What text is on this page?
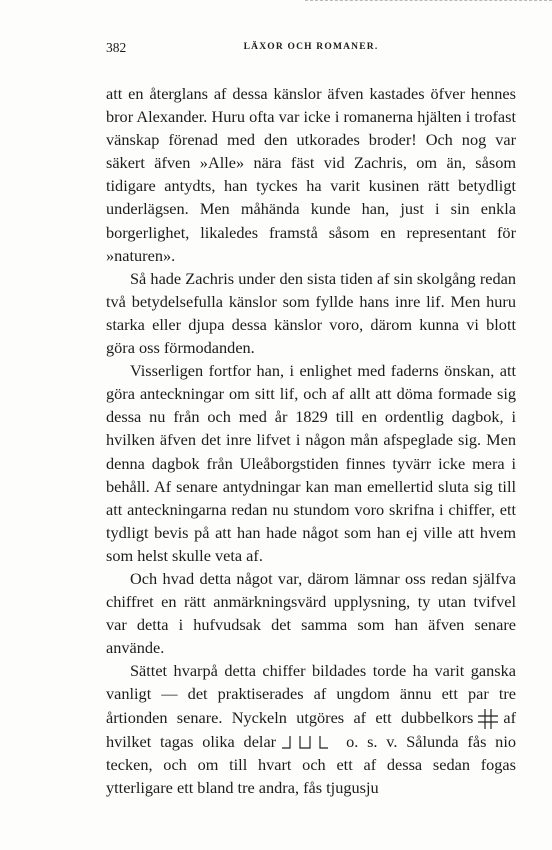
382	LÄXOR OCH ROMANER.

att en återglans af dessa känslor äfven kastades öfver hennes bror Alexander. Huru ofta var icke i romanerna hjälten i trofast vänskap förenad med den utkorades broder! Och nog var säkert äfven »Alle» nära fäst vid Zachris, om än, såsom tidigare antydts, han tyckes ha varit kusinen rätt betydligt underlägsen. Men måhända kunde han, just i sin enkla borgerlighet, likaledes framstå såsom en representant för »naturen».

Så hade Zachris under den sista tiden af sin skolgång redan två betydelsefulla känslor som fyllde hans inre lif. Men huru starka eller djupa dessa känslor voro, därom kunna vi blott göra oss förmodanden.

Visserligen fortfor han, i enlighet med faderns önskan, att göra anteckningar om sitt lif, och af allt att döma formade sig dessa nu från och med år 1829 till en ordentlig dagbok, i hvilken äfven det inre lifvet i någon mån afspeglade sig. Men denna dagbok från Uleåborgstiden finnes tyvärr icke mera i behåll. Af senare antydningar kan man emellertid sluta sig till att anteckningarna redan nu stundom voro skrifna i chiffer, ett tydligt bevis på att han hade något som han ej ville att hvem som helst skulle veta af.

Och hvad detta något var, därom lämnar oss redan själfva chiffret en rätt anmärkningsvärd upplysning, ty utan tvifvel var detta i hufvudsak det samma som han äfven senare använde.

Sättet hvarpå detta chiffer bildades torde ha varit ganska vanligt — det praktiserades af ungdom ännu ett par tre årtionden senare. Nyckeln utgöres af ett dubbelkors af hvilket tagas olika delar	o. s. v. Sålunda fås nio tecken, och om till hvart och ett af dessa sedan fogas ytterligare ett bland tre andra, fås tjugusju
